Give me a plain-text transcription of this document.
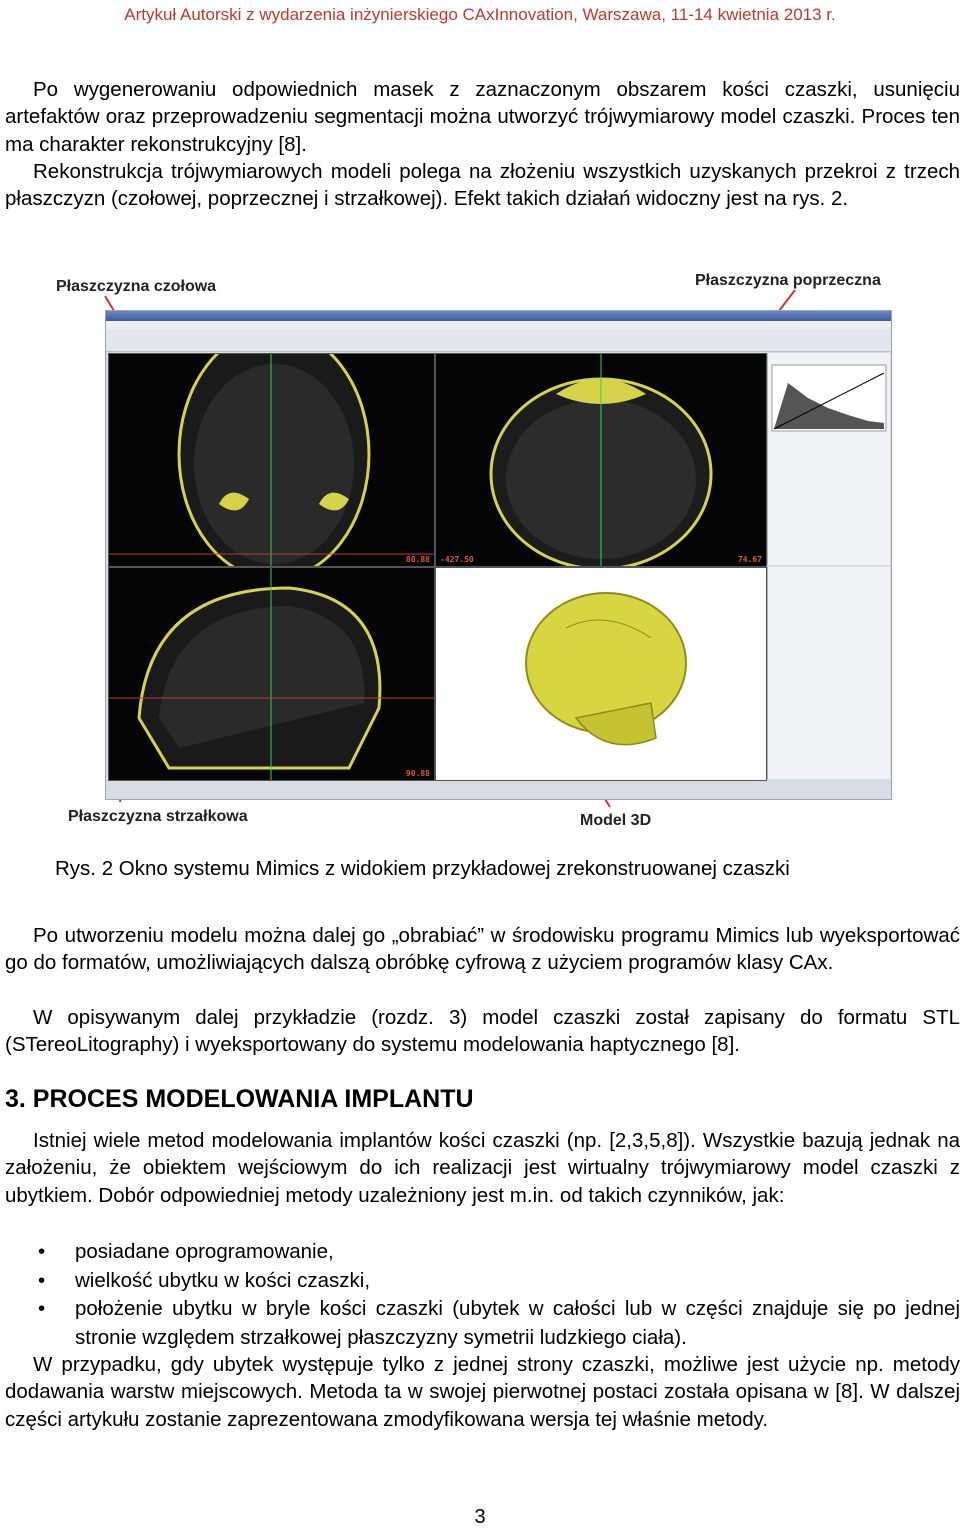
Artykuł Autorski z wydarzenia inżynierskiego CAxInnovation, Warszawa, 11-14 kwietnia 2013 r.

Po wygenerowaniu odpowiednich masek z zaznaczonym obszarem kości czaszki, usunięciu artefaktów oraz przeprowadzeniu segmentacji można utworzyć trójwymiarowy model czaszki. Proces ten ma charakter rekonstrukcyjny [8].

Rekonstrukcja trójwymiarowych modeli polega na złożeniu wszystkich uzyskanych przekroi z trzech płaszczyzn (czołowej, poprzecznej i strzałkowej). Efekt takich działań widoczny jest na rys. 2.

Płaszczyzna czołowa	Płaszczyzna poprzeczna
Płaszczyzna strzałkowa	Model 3D
80.88 -427.50	74.67
90.88
Rys. 2 Okno systemu Mimics z widokiem przykładowej zrekonstruowanej czaszki

Po utworzeniu modelu można dalej go „obrabiać” w środowisku programu Mimics lub wyeksportować go do formatów, umożliwiających dalszą obróbkę cyfrową z użyciem programów klasy CAx.

W opisywanym dalej przykładzie (rozdz. 3) model czaszki został zapisany do formatu STL (STereoLitography) i wyeksportowany do systemu modelowania haptycznego [8].

3. PROCES MODELOWANIA IMPLANTU

Istniej wiele metod modelowania implantów kości czaszki (np. [2,3,5,8]). Wszystkie bazują jednak na założeniu, że obiektem wejściowym do ich realizacji jest wirtualny trójwymiarowy model czaszki z ubytkiem. Dobór odpowiedniej metody uzależniony jest m.in. od takich czynników, jak:

• posiadane oprogramowanie,
• wielkość ubytku w kości czaszki,
• położenie ubytku w bryle kości czaszki (ubytek w całości lub w części znajduje się po jednej stronie względem strzałkowej płaszczyzny symetrii ludzkiego ciała).

W przypadku, gdy ubytek występuje tylko z jednej strony czaszki, możliwe jest użycie np. metody dodawania warstw miejscowych. Metoda ta w swojej pierwotnej postaci została opisana w [8]. W dalszej części artykułu zostanie zaprezentowana zmodyfikowana wersja tej właśnie metody.

3
